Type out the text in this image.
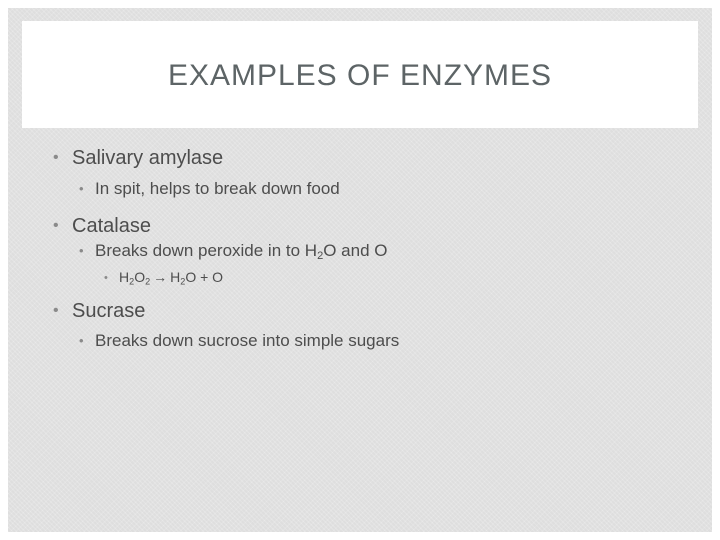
EXAMPLES OF ENZYMES
• Salivary amylase
• In spit, helps to break down food
• Catalase
• Breaks down peroxide in to $H_2O$ and O
• $H_2O_2 \to H_2O + O$
• Sucrase
• Breaks down sucrose into simple sugars
